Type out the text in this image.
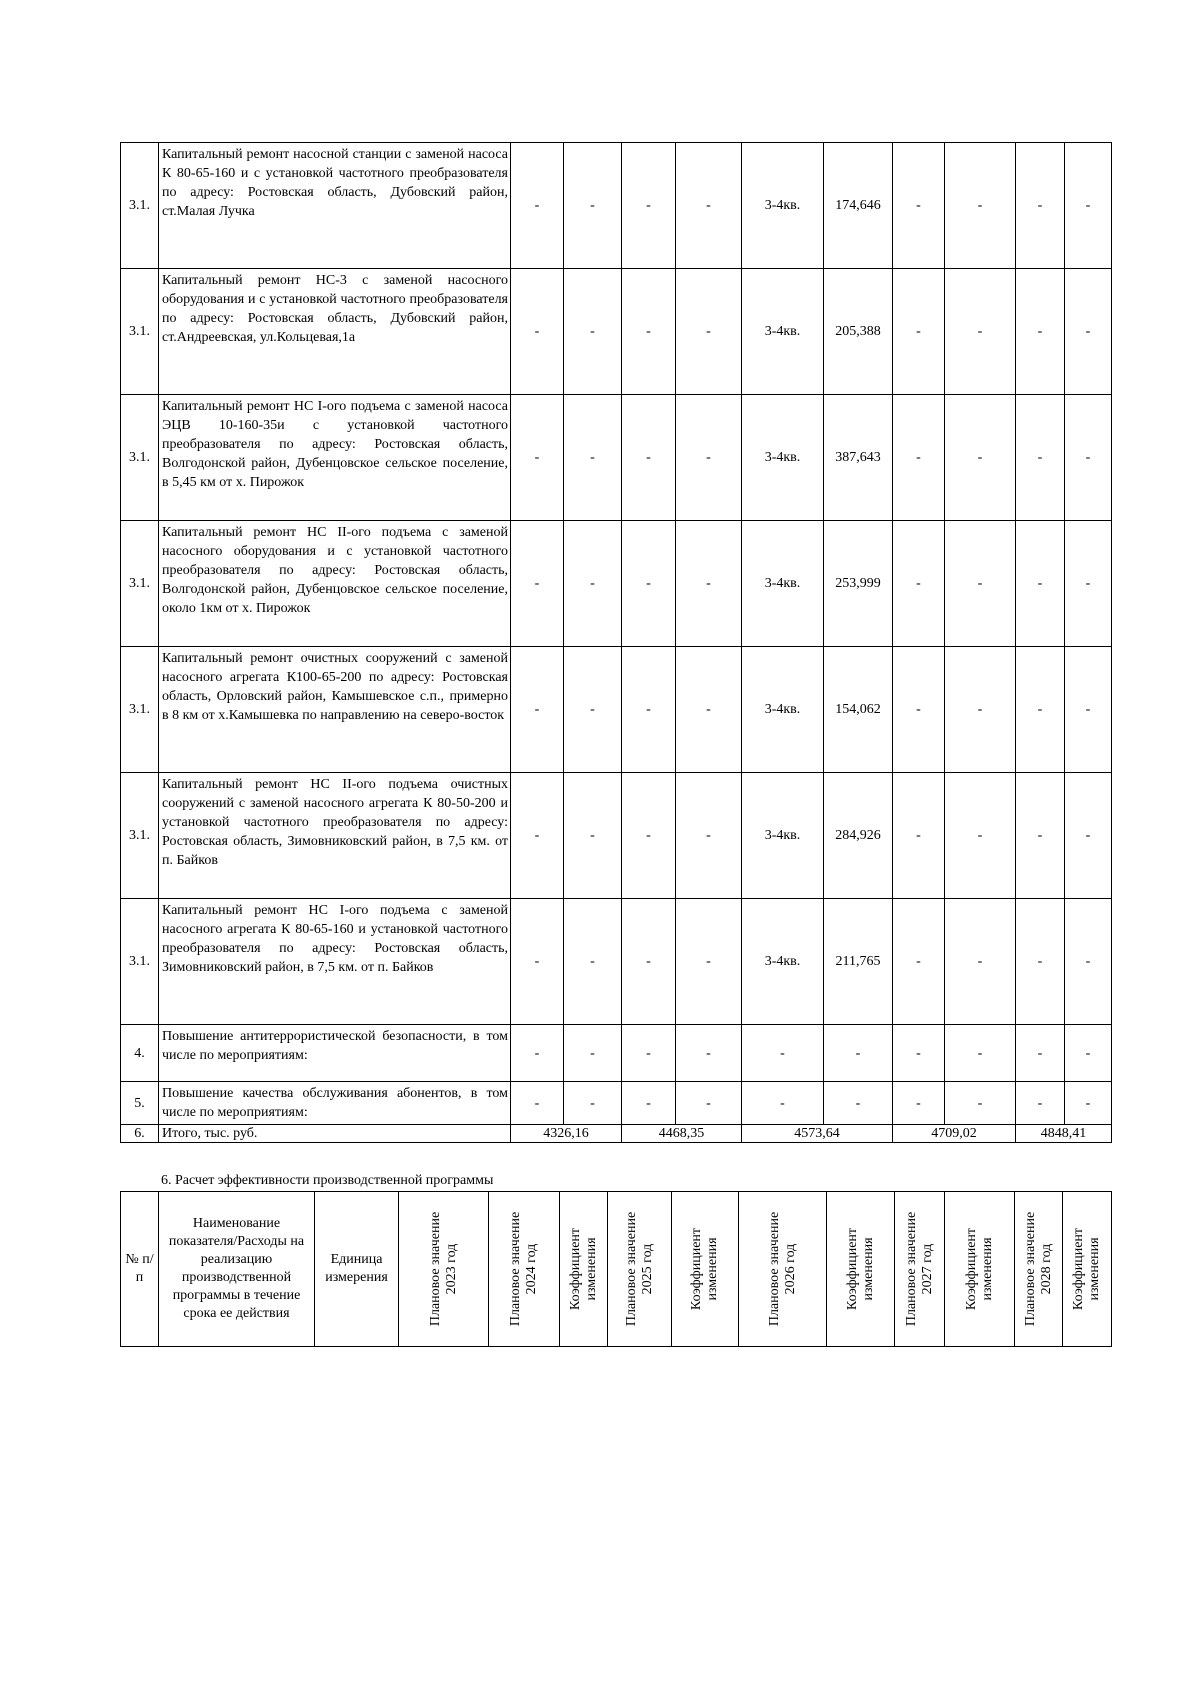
3.1.	Капитальный ремонт насосной станции с заменой насоса К 80-65-160 и с установкой частотного преобразователя по адресу: Ростовская область, Дубовский район, ст.Малая Лучка	-	-	-	-	3-4кв.	174,646	-	-	-	-
3.1.	Капитальный ремонт НС-3 с заменой насосного оборудования и с установкой частотного преобразователя по адресу: Ростовская область, Дубовский район, ст.Андреевская, ул.Кольцевая,1а	-	-	-	-	3-4кв.	205,388	-	-	-	-
3.1.	Капитальный ремонт НС I-ого подъема с заменой насоса ЭЦВ 10-160-35и с установкой частотного преобразователя по адресу: Ростовская область, Волгодонской район, Дубенцовское сельское поселение, в 5,45 км от х. Пирожок	-	-	-	-	3-4кв.	387,643	-	-	-	-
3.1.	Капитальный ремонт НС II-ого подъема с заменой насосного оборудования и с установкой частотного преобразователя по адресу: Ростовская область, Волгодонской район, Дубенцовское сельское поселение, около 1км от х. Пирожок	-	-	-	-	3-4кв.	253,999	-	-	-	-
3.1.	Капитальный ремонт очистных сооружений с заменой насосного агрегата К100-65-200 по адресу: Ростовская область, Орловский район, Камышевское с.п., примерно в 8 км от х.Камышевка по направлению на северо-восток	-	-	-	-	3-4кв.	154,062	-	-	-	-
3.1.	Капитальный ремонт НС II-ого подъема очистных сооружений с заменой насосного агрегата К 80-50-200 и установкой частотного преобразователя по адресу: Ростовская область, Зимовниковский район, в 7,5 км. от п. Байков	-	-	-	-	3-4кв.	284,926	-	-	-	-
3.1.	Капитальный ремонт НС I-ого подъема с заменой насосного агрегата К 80-65-160 и установкой частотного преобразователя по адресу: Ростовская область, Зимовниковский район, в 7,5 км. от п. Байков	-	-	-	-	3-4кв.	211,765	-	-	-	-
4.	Повышение антитеррористической безопасности, в том числе по мероприятиям:	-	-	-	-	-	-	-	-	-	-
5.	Повышение качества обслуживания абонентов, в том числе по мероприятиям:	-	-	-	-	-	-	-	-	-	-
6.	Итого, тыс. руб.	4326,16		4468,35		4573,64		4709,02		4848,41	
6. Расчет эффективности производственной программы
№ п/п	Наименование показателя/Расходы на реализацию производственной программы в течение срока ее действия	Единица измерения	Плановое значение 2023 год	Плановое значение 2024 год	Коэффициент изменения	Плановое значение 2025 год	Коэффициент изменения	Плановое значение 2026 год	Коэффициент изменения	Плановое значение 2027 год	Коэффициент изменения	Плановое значение 2028 год	Коэффициент изменения
